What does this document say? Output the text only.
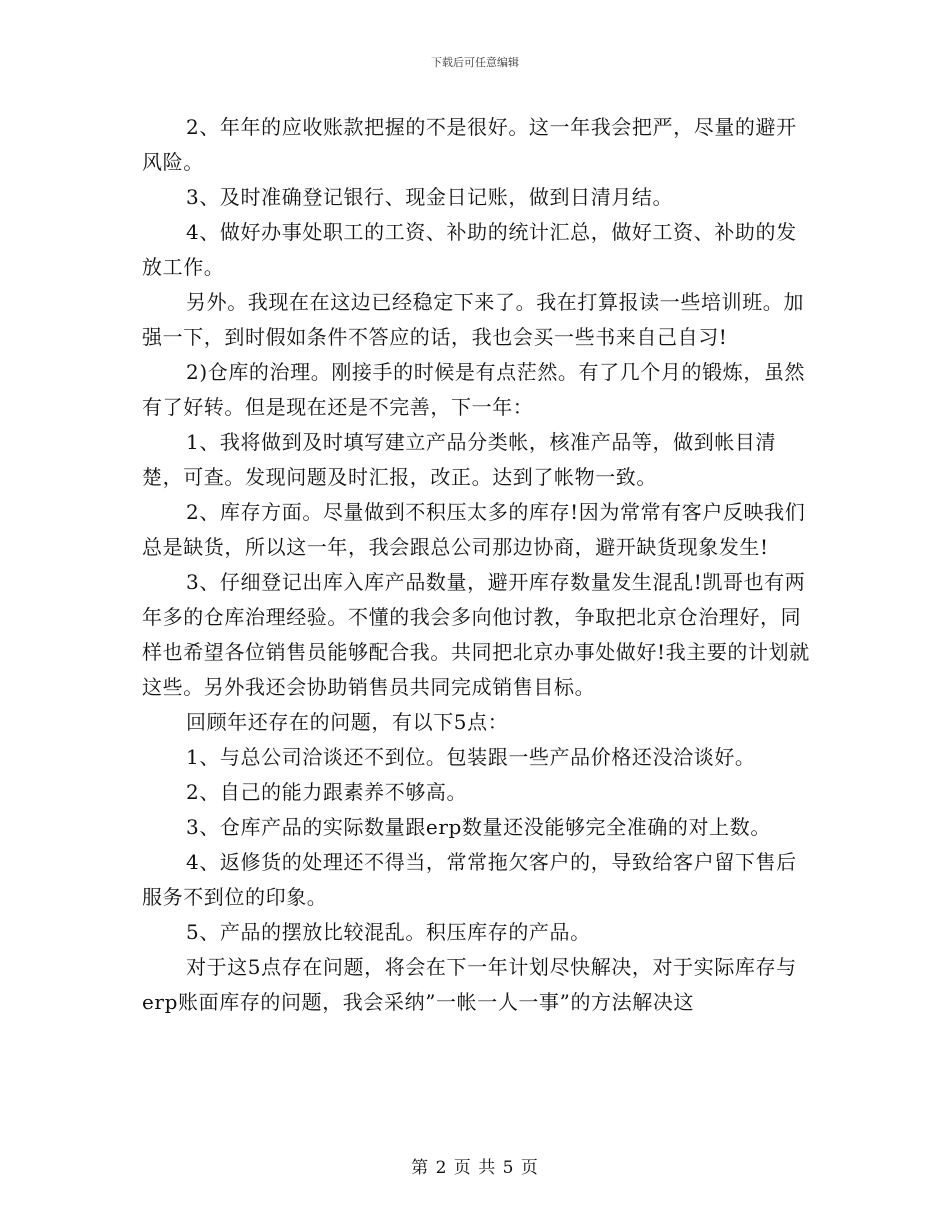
下载后可任意编辑

2、年年的应收账款把握的不是很好。这一年我会把严，尽量的避开风险。

3、及时准确登记银行、现金日记账，做到日清月结。

4、做好办事处职工的工资、补助的统计汇总，做好工资、补助的发放工作。

另外。我现在在这边已经稳定下来了。我在打算报读一些培训班。加强一下，到时假如条件不答应的话，我也会买一些书来自己自习!

2)仓库的治理。刚接手的时候是有点茫然。有了几个月的锻炼，虽然有了好转。但是现在还是不完善，下一年：

1、我将做到及时填写建立产品分类帐，核准产品等，做到帐目清楚，可查。发现问题及时汇报，改正。达到了帐物一致。

2、库存方面。尽量做到不积压太多的库存!因为常常有客户反映我们总是缺货，所以这一年，我会跟总公司那边协商，避开缺货现象发生!

3、仔细登记出库入库产品数量，避开库存数量发生混乱!凯哥也有两年多的仓库治理经验。不懂的我会多向他讨教，争取把北京仓治理好，同样也希望各位销售员能够配合我。共同把北京办事处做好!我主要的计划就这些。另外我还会协助销售员共同完成销售目标。

回顾年还存在的问题，有以下5点：

1、与总公司洽谈还不到位。包装跟一些产品价格还没洽谈好。

2、自己的能力跟素养不够高。

3、仓库产品的实际数量跟erp数量还没能够完全准确的对上数。

4、返修货的处理还不得当，常常拖欠客户的，导致给客户留下售后服务不到位的印象。

5、产品的摆放比较混乱。积压库存的产品。

对于这5点存在问题，将会在下一年计划尽快解决，对于实际库存与erp账面库存的问题，我会采纳”一帐一人一事”的方法解决这

第 2 页 共 5 页
